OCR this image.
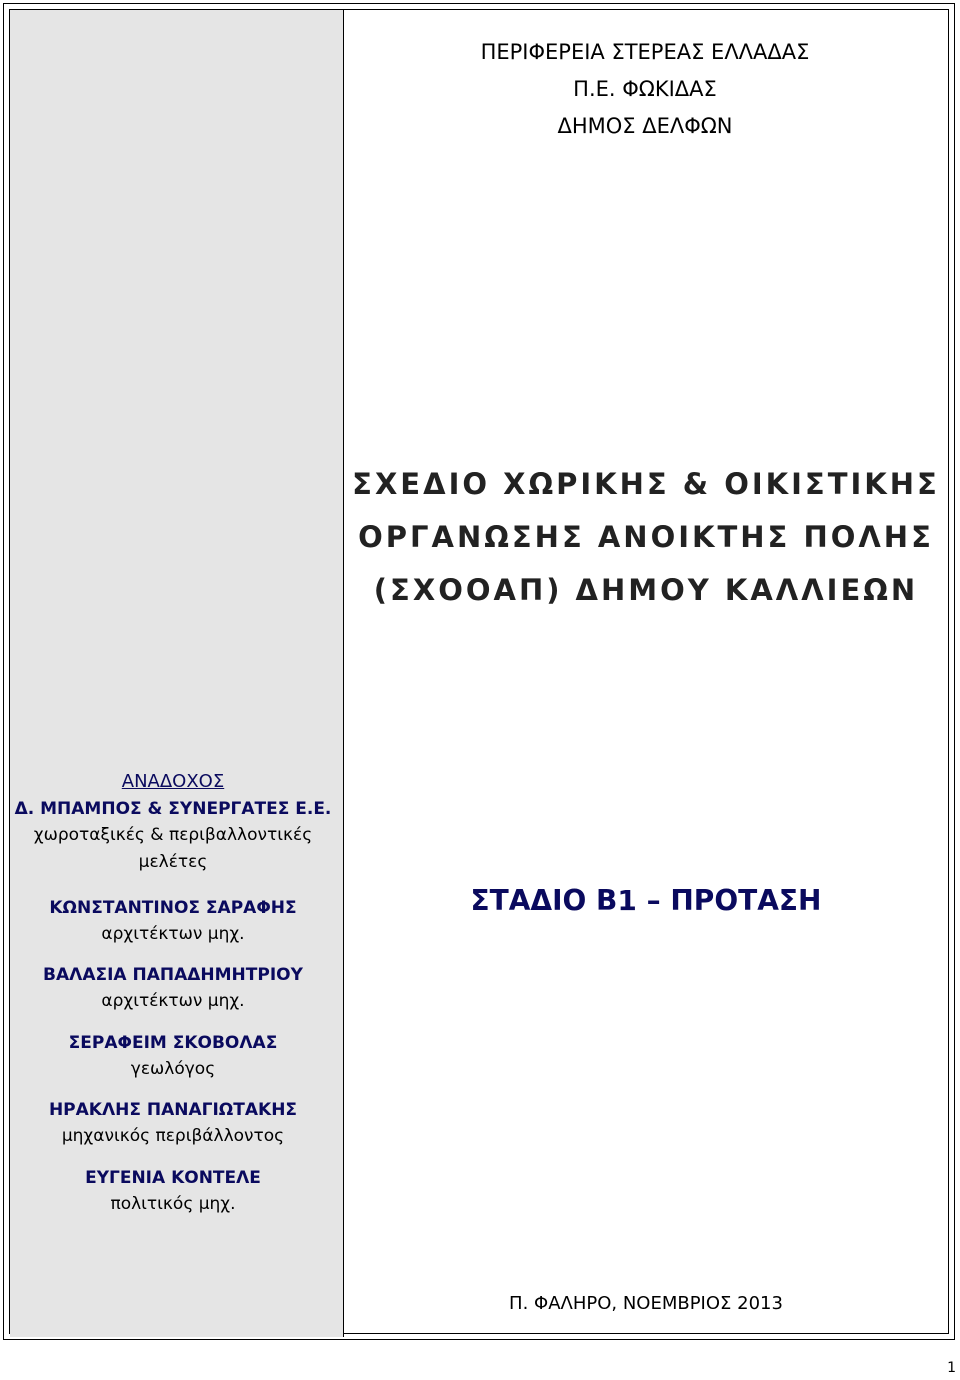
ΠΕΡΙΦΕΡΕΙΑ ΣΤΕΡΕΑΣ ΕΛΛΑΔΑΣ
Π.Ε. ΦΩΚΙΔΑΣ
ΔΗΜΟΣ ΔΕΛΦΩΝ
ΣΧΕΔΙΟ ΧΩΡΙΚΗΣ & ΟΙΚΙΣΤΙΚΗΣ
ΟΡΓΑΝΩΣΗΣ ΑΝΟΙΚΤΗΣ ΠΟΛΗΣ
(ΣΧΟΟΑΠ) ΔΗΜΟΥ ΚΑΛΛΙΕΩΝ
ΣΤΑΔΙΟ Β1 – ΠΡΟΤΑΣΗ
ΑΝΑΔΟΧΟΣ
Δ. ΜΠΑΜΠΟΣ & ΣΥΝΕΡΓΑΤΕΣ Ε.Ε.
χωροταξικές & περιβαλλοντικές
μελέτες
ΚΩΝΣΤΑΝΤΙΝΟΣ ΣΑΡΑΦΗΣ
αρχιτέκτων μηχ.
ΒΑΛΑΣΙΑ ΠΑΠΑΔΗΜΗΤΡΙΟΥ
αρχιτέκτων μηχ.
ΣΕΡΑΦΕΙΜ ΣΚΟΒΟΛΑΣ
γεωλόγος
ΗΡΑΚΛΗΣ ΠΑΝΑΓΙΩΤΑΚΗΣ
μηχανικός περιβάλλοντος
ΕΥΓΕΝΙΑ ΚΟΝΤΕΛΕ
πολιτικός μηχ.
Π. ΦΑΛΗΡΟ, ΝΟΕΜΒΡΙΟΣ 2013
1
